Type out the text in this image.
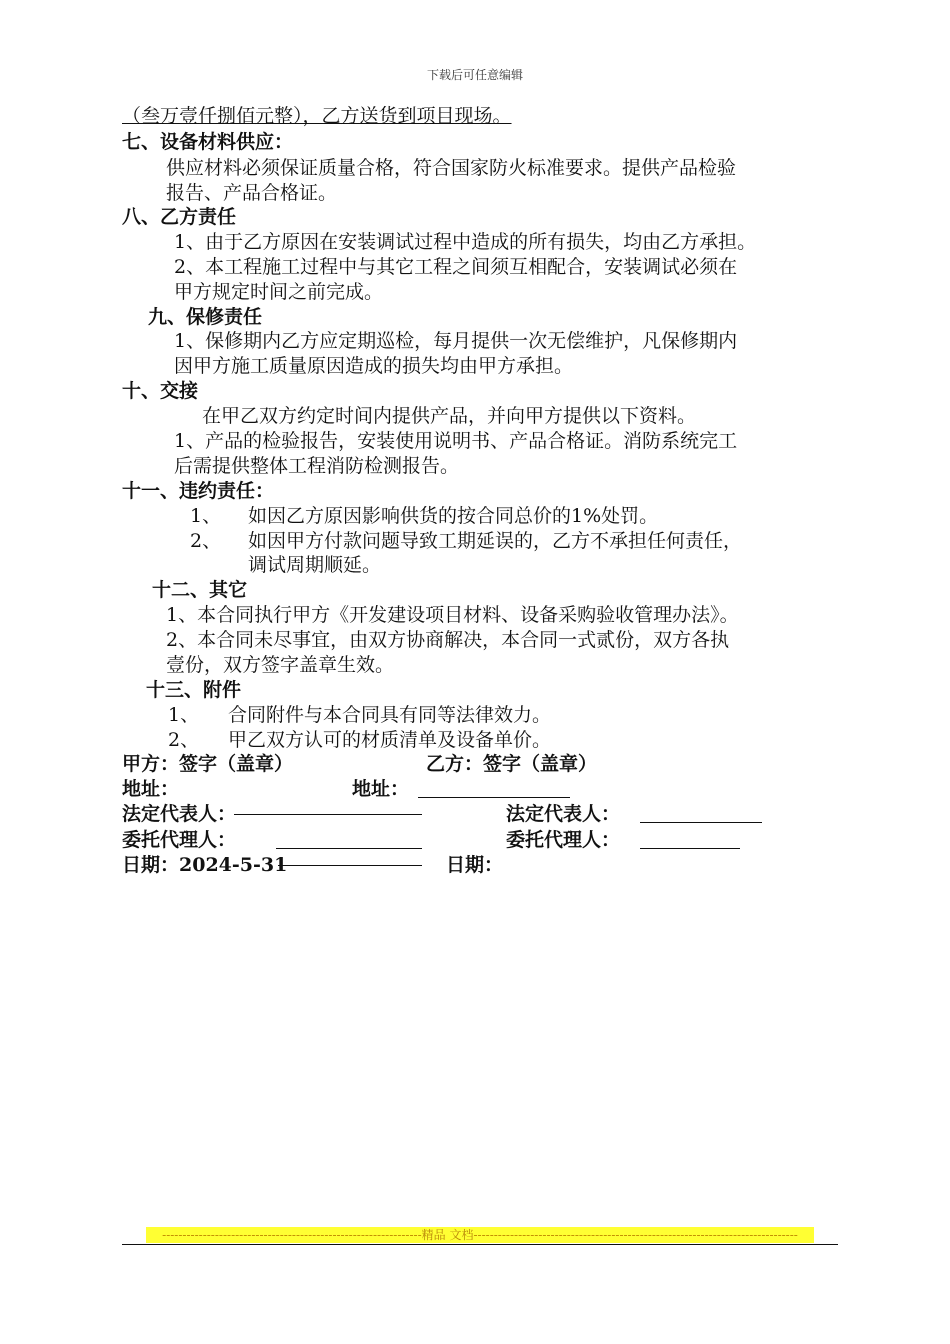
下载后可任意编辑
（叁万壹仟捌佰元整），乙方送货到项目现场。
七、设备材料供应：
供应材料必须保证质量合格，符合国家防火标准要求。提供产品检验
报告、产品合格证。
八、乙方责任
1、由于乙方原因在安装调试过程中造成的所有损失，均由乙方承担。
2、本工程施工过程中与其它工程之间须互相配合，安装调试必须在
甲方规定时间之前完成。
九、保修责任
1、保修期内乙方应定期巡检，每月提供一次无偿维护，凡保修期内
因甲方施工质量原因造成的损失均由甲方承担。
十、交接
在甲乙双方约定时间内提供产品，并向甲方提供以下资料。
1、产品的检验报告，安装使用说明书、产品合格证。消防系统完工
后需提供整体工程消防检测报告。
十一、违约责任：
1、 如因乙方原因影响供货的按合同总价的1%处罚。
2、 如因甲方付款问题导致工期延误的，乙方不承担任何责任，
调试周期顺延。
十二、其它
1、本合同执行甲方《开发建设项目材料、设备采购验收管理办法》。
2、本合同未尽事宜，由双方协商解决，本合同一式贰份，双方各执
壹份，双方签字盖章生效。
十三、附件
1、 合同附件与本合同具有同等法律效力。
2、 甲乙双方认可的材质清单及设备单价。
甲方：签字（盖章）	乙方：签字（盖章）
地址：	地址：
法定代表人：	法定代表人：
委托代理人：	委托代理人：
日期：2024-5-31	日期：
----------------------------------------------------------------精品 文档--------------------------------------------------------------------------------
